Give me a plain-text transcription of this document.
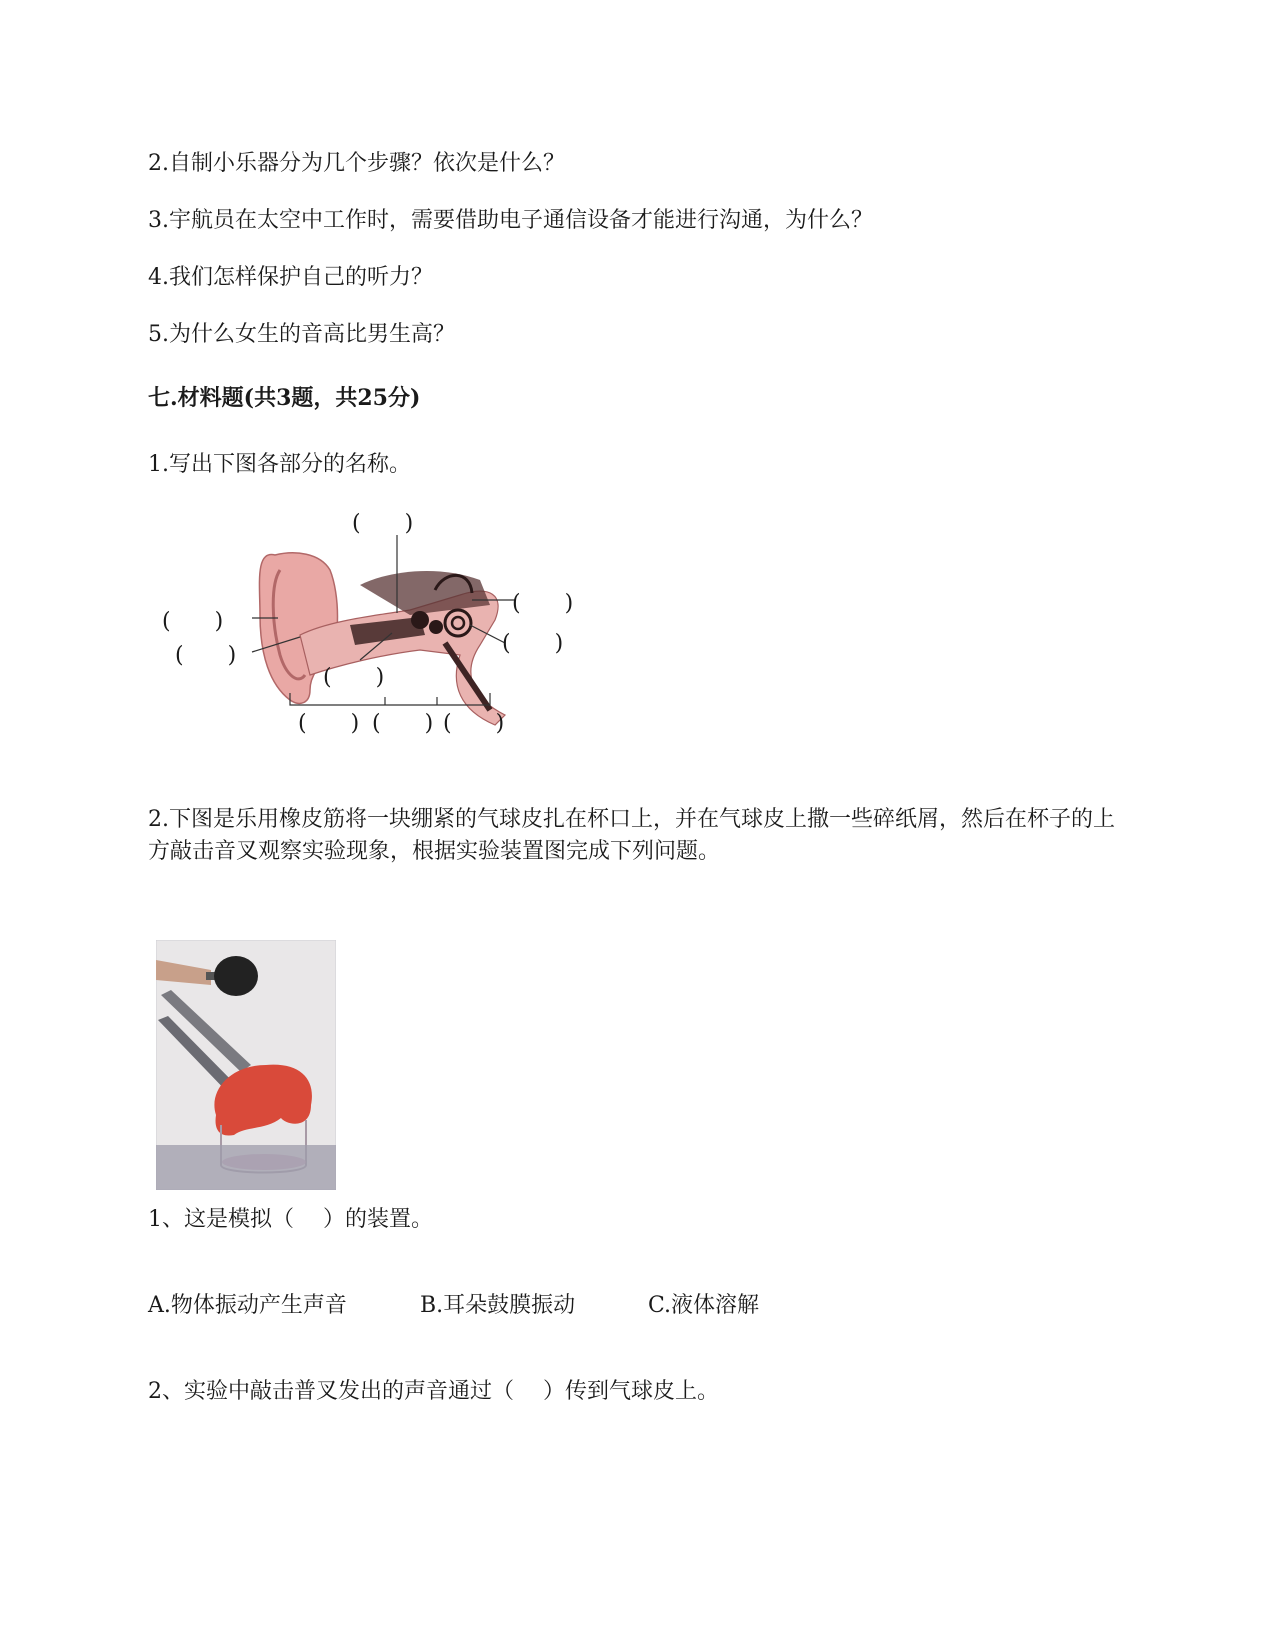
2.自制小乐器分为几个步骤？依次是什么？
3.宇航员在太空中工作时，需要借助电子通信设备才能进行沟通，为什么？
4.我们怎样保护自己的听力？
5.为什么女生的音高比男生高？
七.材料题(共3题，共25分)
1.写出下图各部分的名称。
(　　)
(　　)
(　　)
(　　)
(　　)
(　　)
(　　) (　　) (　　)
2.下图是乐用橡皮筋将一块绷紧的气球皮扎在杯口上，并在气球皮上撒一些碎纸屑，然后在杯子的上方敲击音叉观察实验现象，根据实验装置图完成下列问题。
1、这是模拟（　 ）的装置。
A.物体振动产生声音	B.耳朵鼓膜振动	C.液体溶解
2、实验中敲击普叉发出的声音通过（　 ）传到气球皮上。
